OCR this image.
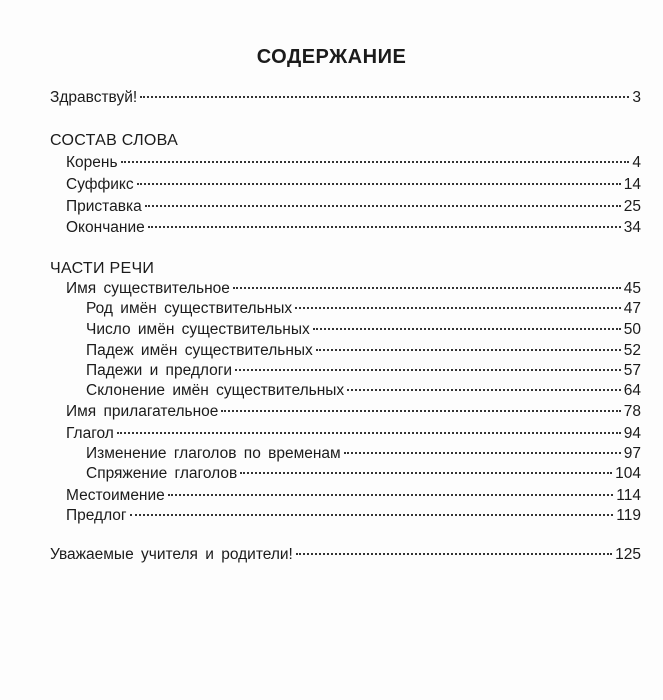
СОДЕРЖАНИЕ
Здравствуй!	3
СОСТАВ СЛОВА
Корень	4
Суффикс	14
Приставка	25
Окончание	34
ЧАСТИ РЕЧИ
Имя существительное	45
Род имён существительных	47
Число имён существительных	50
Падеж имён существительных	52
Падежи и предлоги	57
Склонение имён существительных	64
Имя прилагательное	78
Глагол	94
Изменение глаголов по временам	97
Спряжение глаголов	104
Местоимение	114
Предлог	119
Уважаемые учителя и родители!	125
